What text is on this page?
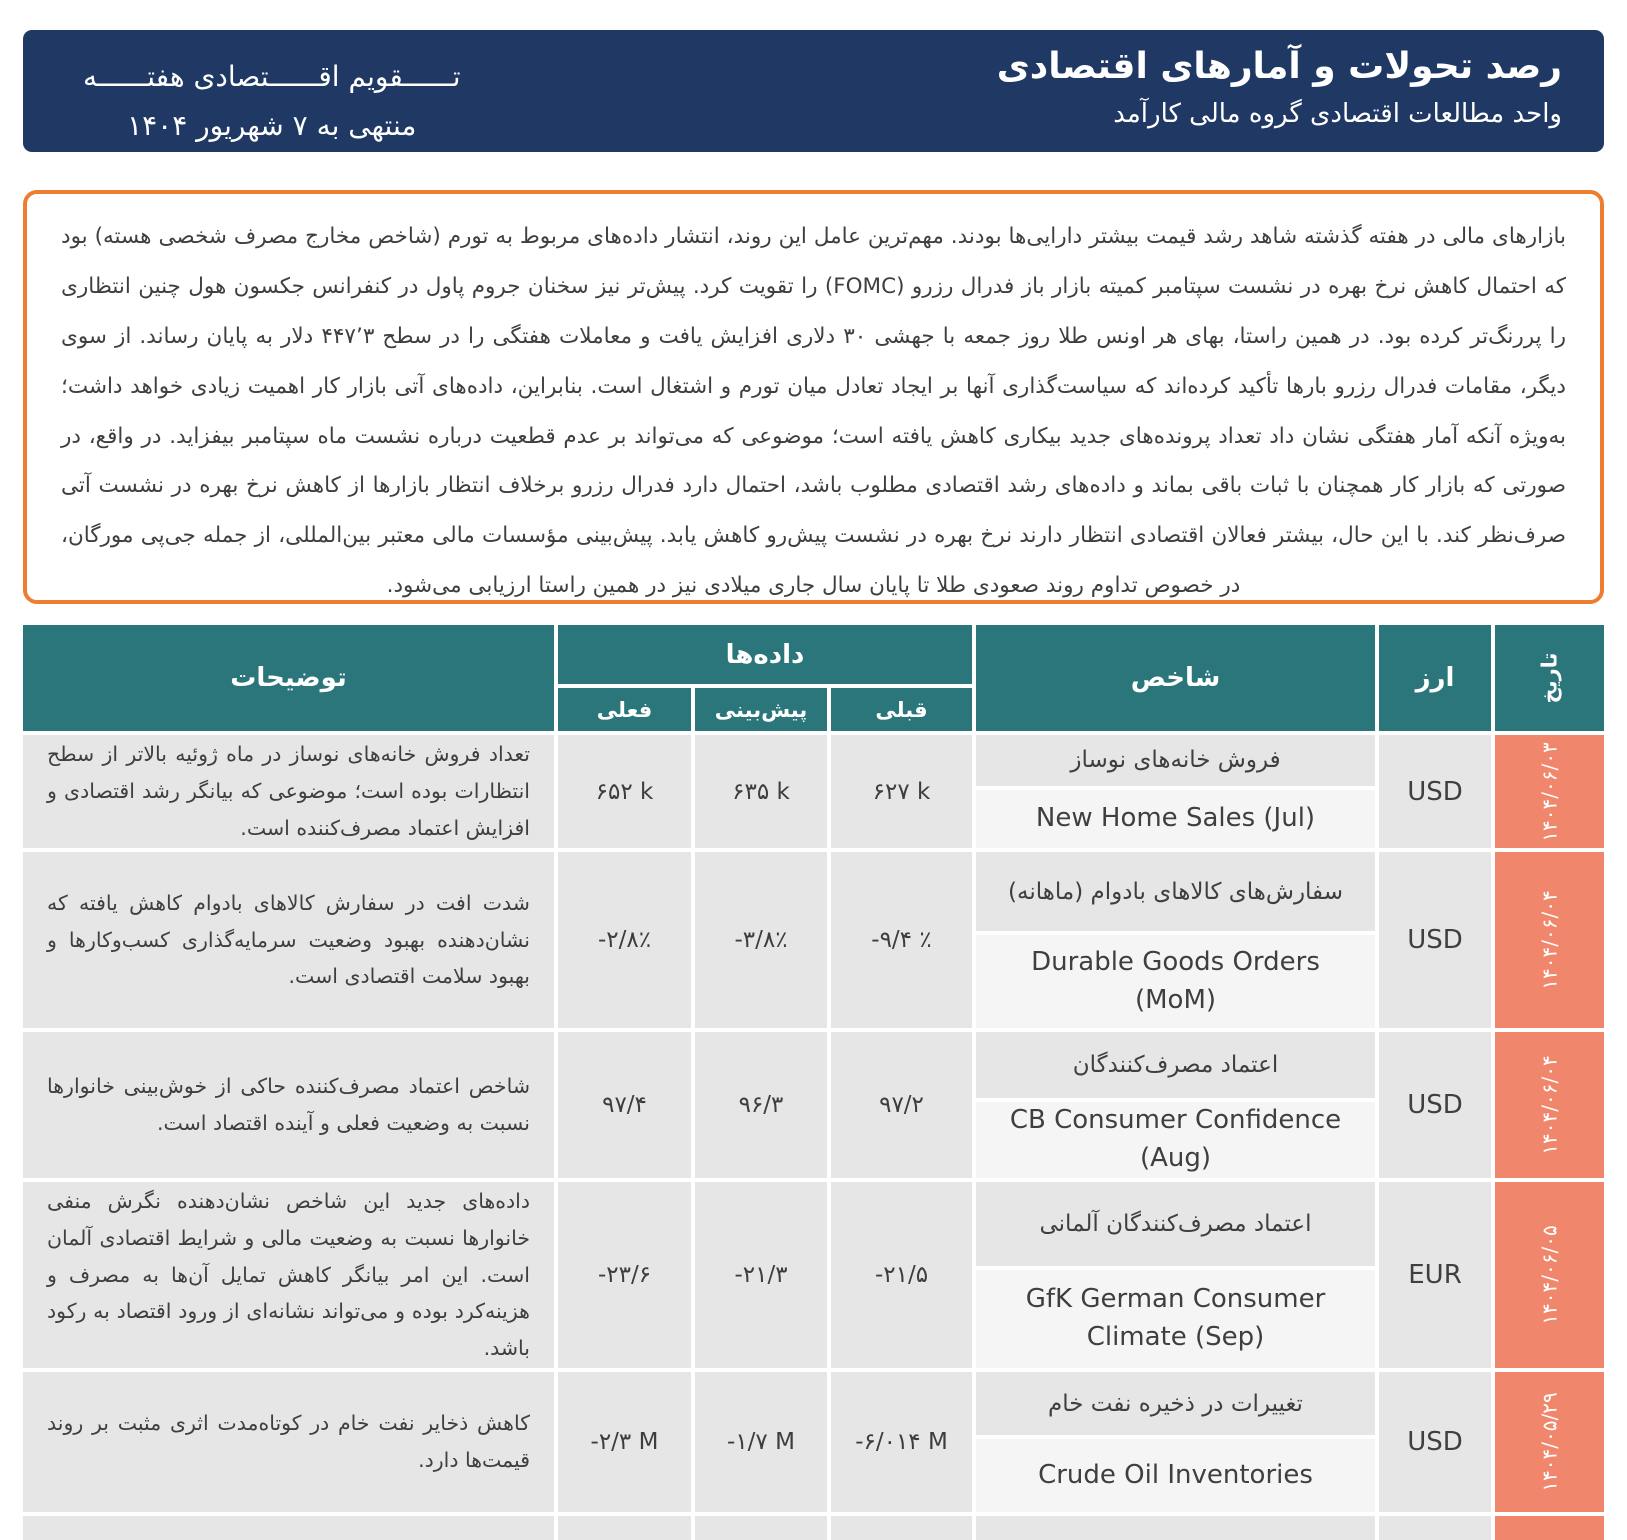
رصد تحولات و آمارهای اقتصادی
واحد مطالعات اقتصادی گروه مالی کارآمد
تــــــقویم اقــــــتصادی هفتــــــه
منتهی به ۷ شهریور ۱۴۰۴

بازارهای مالی در هفته گذشته شاهد رشد قیمت بیشتر دارایی‌ها بودند. مهم‌ترین عامل این روند، انتشار داده‌های مربوط به تورم (شاخص مخارج مصرف شخصی هسته) بود که احتمال کاهش نرخ بهره در نشست سپتامبر کمیته بازار باز فدرال رزرو (FOMC) را تقویت کرد. پیش‌تر نیز سخنان جروم پاول در کنفرانس جکسون هول چنین انتظاری را پررنگ‌تر کرده بود. در همین راستا، بهای هر اونس طلا روز جمعه با جهشی ۳۰ دلاری افزایش یافت و معاملات هفتگی را در سطح ۳’۴۴۷ دلار به پایان رساند. از سوی دیگر، مقامات فدرال رزرو بارها تأکید کرده‌اند که سیاست‌گذاری آنها بر ایجاد تعادل میان تورم و اشتغال است. بنابراین، داده‌های آتی بازار کار اهمیت زیادی خواهد داشت؛ به‌ویژه آنکه آمار هفتگی نشان داد تعداد پرونده‌های جدید بیکاری کاهش یافته است؛ موضوعی که می‌تواند بر عدم قطعیت درباره نشست ماه سپتامبر بیفزاید. در واقع، در صورتی که بازار کار همچنان با ثبات باقی بماند و داده‌های رشد اقتصادی مطلوب باشد، احتمال دارد فدرال رزرو برخلاف انتظار بازارها از کاهش نرخ بهره در نشست آتی صرف‌نظر کند. با این حال، بیشتر فعالان اقتصادی انتظار دارند نرخ بهره در نشست پیش‌رو کاهش یابد. پیش‌بینی مؤسسات مالی معتبر بین‌المللی، از جمله جی‌پی مورگان، در خصوص تداوم روند صعودی طلا تا پایان سال جاری میلادی نیز در همین راستا ارزیابی می‌شود.

تاریخ
ارز
شاخص
داده‌ها
توضیحات
قبلی
پیش‌بینی
فعلی
۱۴۰۴/۰۶/۰۳
USD
فروش خانه‌های نوساز
New Home Sales (Jul)
۶۲۷ k
۶۳۵ k
۶۵۲ k
تعداد فروش خانه‌های نوساز در ماه ژوئیه بالاتر از سطح انتظارات بوده است؛ موضوعی که بیانگر رشد اقتصادی و افزایش اعتماد مصرف‌کننده است.
۱۴۰۴/۰۶/۰۴
USD
سفارش‌های کالاهای بادوام (ماهانه)
Durable Goods Orders (MoM)
-۹/۴ ٪
-۳/۸٪
-۲/۸٪
شدت افت در سفارش کالاهای بادوام کاهش یافته که نشان‌دهنده بهبود وضعیت سرمایه‌گذاری کسب‌وکارها و بهبود سلامت اقتصادی است.
۱۴۰۴/۰۶/۰۴
USD
اعتماد مصرف‌کنندگان
CB Consumer Confidence (Aug)
۹۷/۲
۹۶/۳
۹۷/۴
شاخص اعتماد مصرف‌کننده حاکی از خوش‌بینی خانوارها نسبت به وضعیت فعلی و آینده اقتصاد است.
۱۴۰۴/۰۶/۰۵
EUR
اعتماد مصرف‌کنندگان آلمانی
GfK German Consumer Climate (Sep)
-۲۱/۵
-۲۱/۳
-۲۳/۶
داده‌های جدید این شاخص نشان‌دهنده نگرش منفی خانوارها نسبت به وضعیت مالی و شرایط اقتصادی آلمان است. این امر بیانگر کاهش تمایل آن‌ها به مصرف و هزینه‌کرد بوده و می‌تواند نشانه‌ای از ورود اقتصاد به رکود باشد.
۱۴۰۴/۰۵/۲۹
USD
تغییرات در ذخیره نفت خام
Crude Oil Inventories
-۶/۰۱۴ M
-۱/۷ M
-۲/۳ M
کاهش ذخایر نفت خام در کوتاه‌مدت اثری مثبت بر روند قیمت‌ها دارد.
